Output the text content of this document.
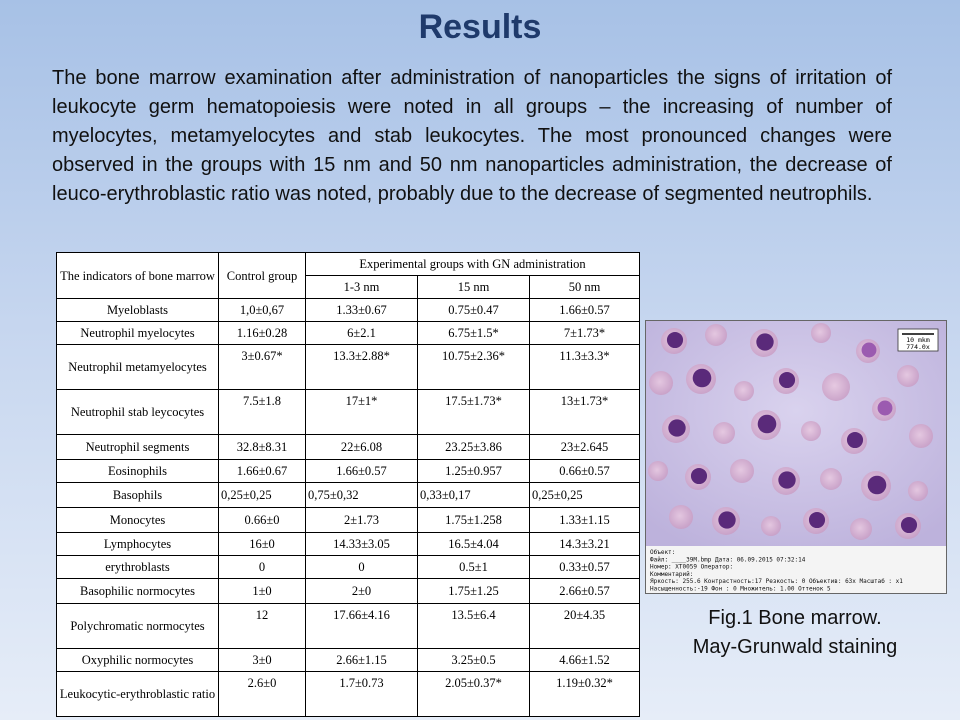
Results

The bone marrow examination after administration of nanoparticles the signs of irritation of leukocyte germ hematopoiesis were noted in all groups – the increasing of number of myelocytes, metamyelocytes and stab leukocytes. The most pronounced changes were observed in the groups with 15 nm and 50 nm nanoparticles administration, the decrease of leuco-erythroblastic ratio was noted, probably due to the decrease of segmented neutrophils.

The indicators of bone marrow	Control group	Experimental groups with GN administration		
		1-3 nm	15 nm	50 nm
Myeloblasts	1,0±0,67	1.33±0.67	0.75±0.47	1.66±0.57
Neutrophil myelocytes	1.16±0.28	6±2.1	6.75±1.5*	7±1.73*
Neutrophil metamyelocytes	3±0.67*	13.3±2.88*	10.75±2.36*	11.3±3.3*
Neutrophil stab leycocytes	7.5±1.8	17±1*	17.5±1.73*	13±1.73*
Neutrophil segments	32.8±8.31	22±6.08	23.25±3.86	23±2.645
Eosinophils	1.66±0.67	1.66±0.57	1.25±0.957	0.66±0.57
Basophils	0,25±0,25	0,75±0,32	0,33±0,17	0,25±0,25
Monocytes	0.66±0	2±1.73	1.75±1.258	1.33±1.15
Lymphocytes	16±0	14.33±3.05	16.5±4.04	14.3±3.21
erythroblasts	0	0	0.5±1	0.33±0.57
Basophilic normocytes	1±0	2±0	1.75±1.25	2.66±0.57
Polychromatic normocytes	12	17.66±4.16	13.5±6.4	20±4.35
Oxyphilic normocytes	3±0	2.66±1.15	3.25±0.5	4.66±1.52
Leukocytic-erythroblastic ratio	2.6±0	1.7±0.73	2.05±0.37*	1.19±0.32*
10 mkm
774.0x
Объект:
Файл: ____39M.bmp Дата: 06.09.2015 07:32:14
Номер: XT0059 Оператор:
Комментарий:
Яркость: 255.6 Контрастность:17 Резкость: 0 Объектив: 63x Масштаб : x1
Насыщенность:-19 Фон : 0 Множитель: 1.00 Оттенок 5
Fig.1 Bone marrow.
May-Grunwald staining
